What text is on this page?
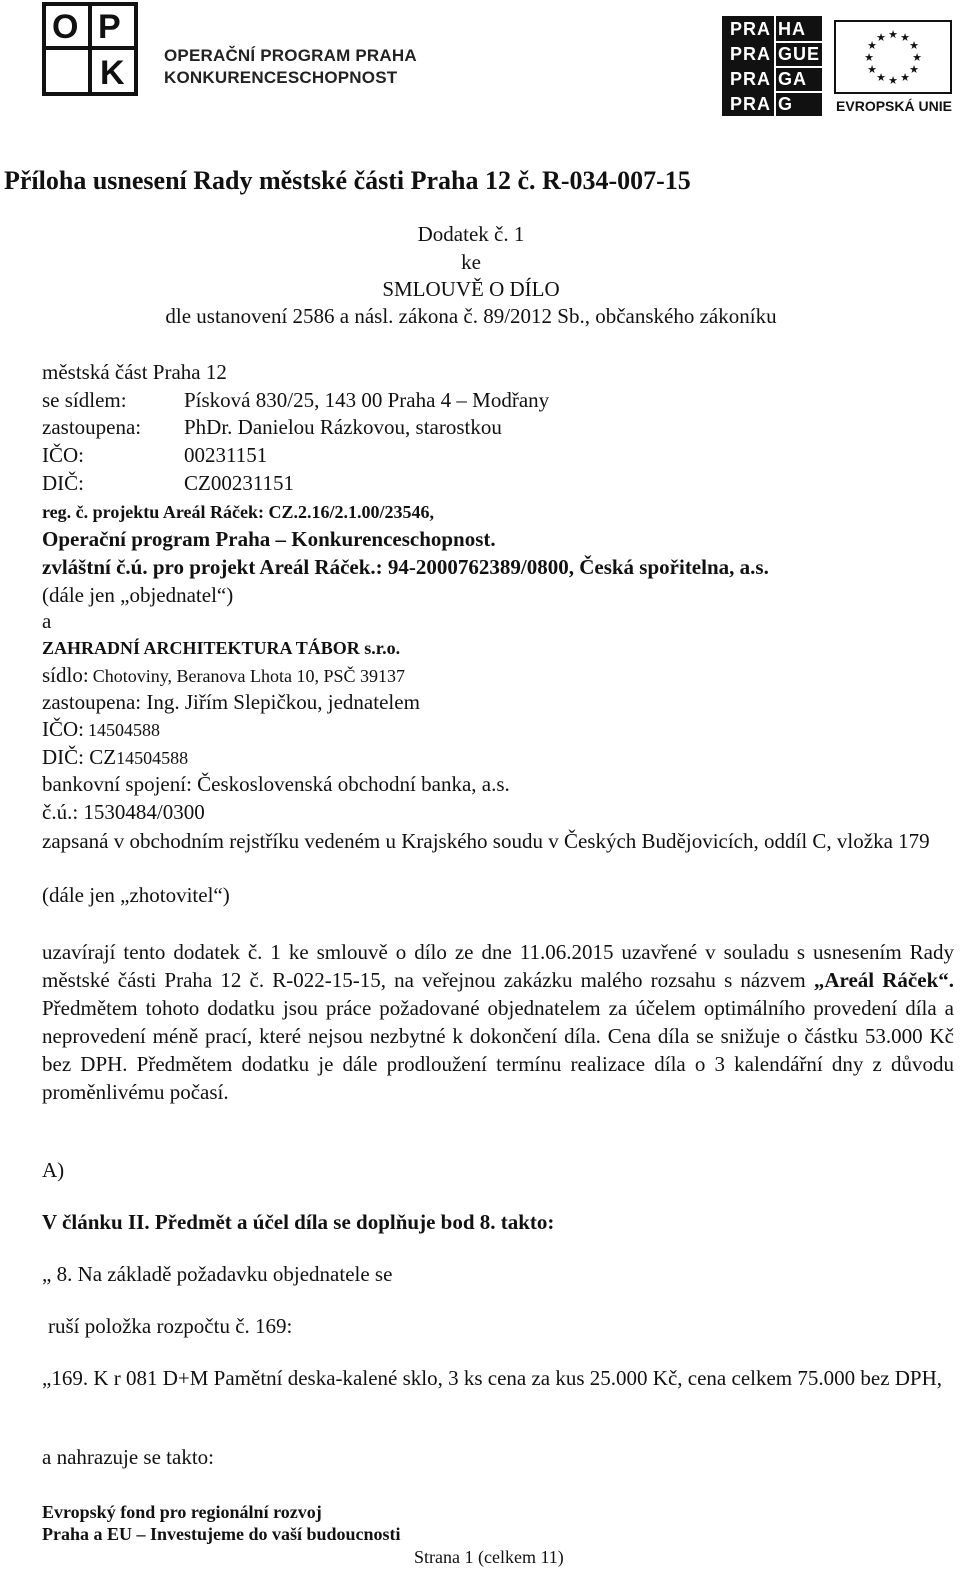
O P
P K OPERAČNÍ PROGRAM PRAHA
KONKURENCESCHOPNOST
PRA
PRA
PRA
PRA
HA
GUE
GA
G
★ ★
★
★
★
★
★
★
★
★
★
★
EVROPSKÁ UNIE
Příloha usnesení Rady městské části Praha 12 č. R-034-007-15
Dodatek č. 1
ke
SMLOUVĚ O DÍLO
dle ustanovení 2586 a násl. zákona č. 89/2012 Sb., občanského zákoníku
městská část Praha 12
se sídlem:	Písková 830/25, 143 00 Praha 4 – Modřany
zastoupena: PhDr. Danielou Rázkovou, starostkou
IČO:	00231151
DIČ:	CZ00231151
reg. č. projektu Areál Ráček: CZ.2.16/2.1.00/23546,
Operační program Praha – Konkurenceschopnost.
zvláštní č.ú. pro projekt Areál Ráček.: 94-2000762389/0800, Česká spořitelna, a.s.
(dále jen „objednatel“)
a
ZAHRADNÍ ARCHITEKTURA TÁBOR s.r.o.
sídlo: Chotoviny, Beranova Lhota 10, PSČ 39137
zastoupena: Ing. Jiřím Slepičkou, jednatelem
IČO: 14504588
DIČ: CZ14504588
bankovní spojení: Československá obchodní banka, a.s.
č.ú.: 1530484/0300
zapsaná v obchodním rejstříku vedeném u Krajského soudu v Českých Budějovicích, oddíl C, vložka 179
(dále jen „zhotovitel“)
uzavírají tento dodatek č. 1 ke smlouvě o dílo ze dne 11.06.2015 uzavřené v souladu s usnesením Rady městské části Praha 12 č. R-022-15-15, na veřejnou zakázku malého rozsahu s názvem „Areál Ráček“. Předmětem tohoto dodatku jsou práce požadované objednatelem za účelem optimálního provedení díla a neprovedení méně prací, které nejsou nezbytné k dokončení díla. Cena díla se snižuje o částku 53.000 Kč bez DPH. Předmětem dodatku je dále prodloužení termínu realizace díla o 3 kalendářní dny z důvodu proměnlivému počasí.
A)
V článku II. Předmět a účel díla se doplňuje bod 8. takto:
„ 8. Na základě požadavku objednatele se
ruší položka rozpočtu č. 169:
„169. K r 081 D+M Pamětní deska-kalené sklo, 3 ks cena za kus 25.000 Kč, cena celkem 75.000 bez DPH,
a nahrazuje se takto:
Evropský fond pro regionální rozvoj
Praha a EU – Investujeme do vaší budoucnosti
Strana 1 (celkem 11)
